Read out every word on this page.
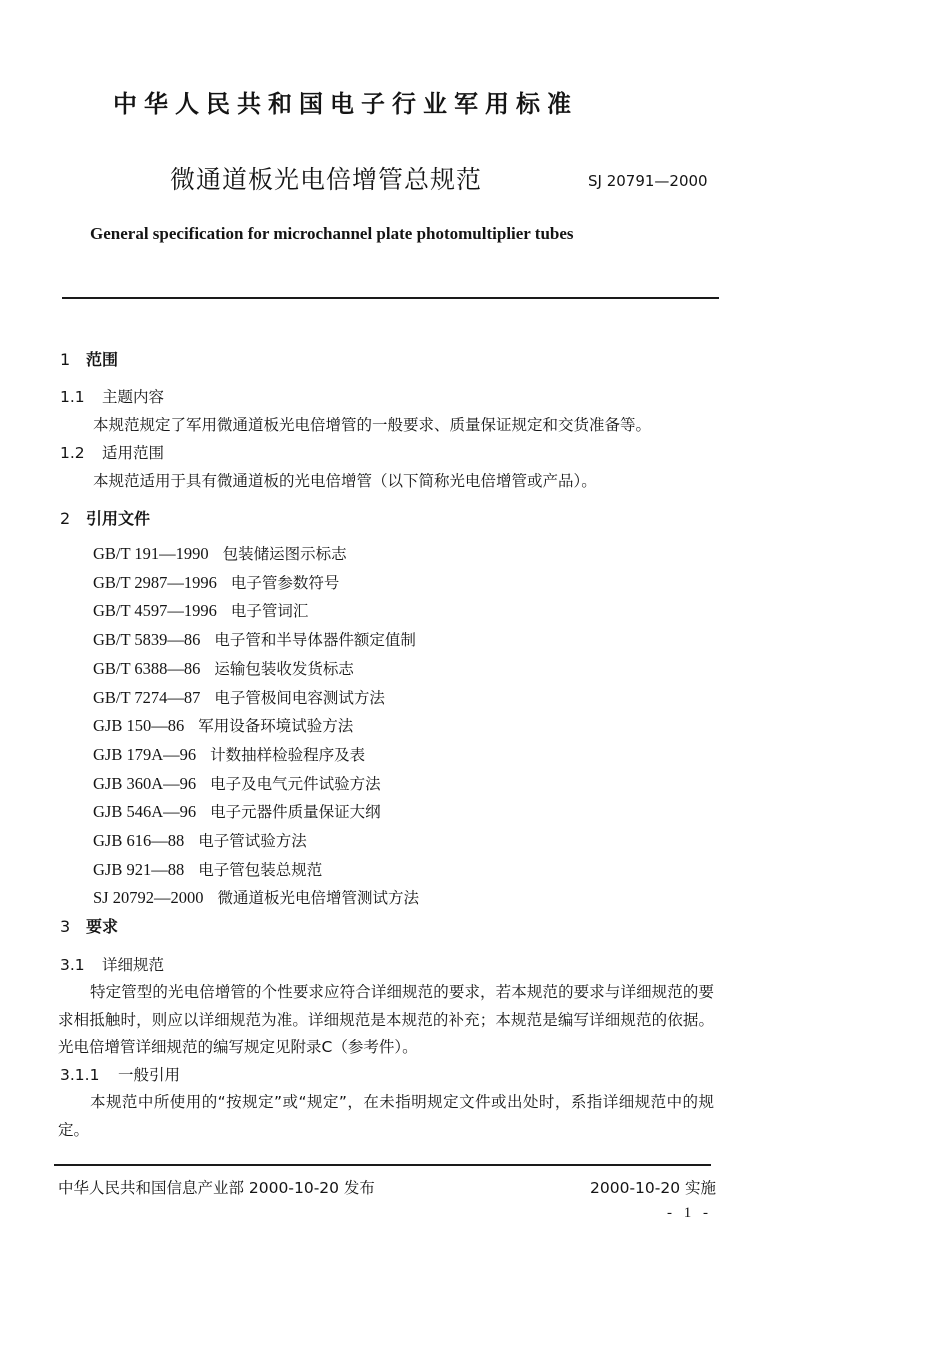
中华人民共和国电子行业军用标准
微通道板光电倍增管总规范	SJ 20791—2000
General specification for microchannel plate photomultiplier tubes
1 范围
1.1 主题内容
本规范规定了军用微通道板光电倍增管的一般要求、质量保证规定和交货准备等。
1.2 适用范围
本规范适用于具有微通道板的光电倍增管（以下简称光电倍增管或产品）。
2 引用文件
GB/T 191—1990 包装储运图示标志
GB/T 2987—1996 电子管参数符号
GB/T 4597—1996 电子管词汇
GB/T 5839—86 电子管和半导体器件额定值制
GB/T 6388—86 运输包装收发货标志
GB/T 7274—87 电子管极间电容测试方法
GJB 150—86 军用设备环境试验方法
GJB 179A—96 计数抽样检验程序及表
GJB 360A—96 电子及电气元件试验方法
GJB 546A—96 电子元器件质量保证大纲
GJB 616—88 电子管试验方法
GJB 921—88 电子管包装总规范
SJ 20792—2000 微通道板光电倍增管测试方法
3 要求
3.1 详细规范
特定管型的光电倍增管的个性要求应符合详细规范的要求，若本规范的要求与详细规范的要求相抵触时，则应以详细规范为准。详细规范是本规范的补充；本规范是编写详细规范的依据。光电倍增管详细规范的编写规定见附录C（参考件）。
3.1.1 一般引用
本规范中所使用的“按规定”或“规定”，在未指明规定文件或出处时，系指详细规范中的规定。
中华人民共和国信息产业部 2000-10-20 发布	2000-10-20 实施
- 1 -
